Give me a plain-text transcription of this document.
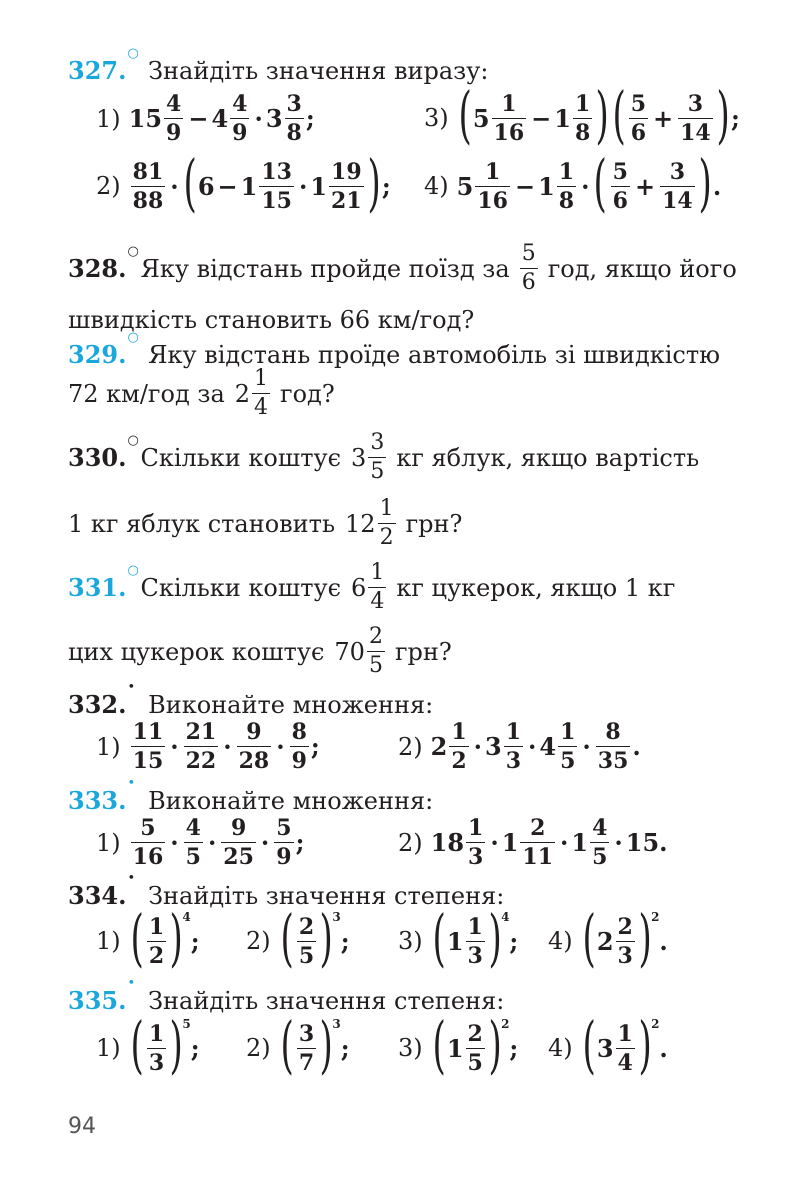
327.
○
Знайдіть значення виразу:
1) $15 \frac{4}{9} - 4 \frac{4}{9} \cdot 3 \frac{3}{8}$ ;	3) ( $5 \frac{1}{16} - 1 \frac{1}{8}$ ) ( $\frac{5}{6} + \frac{3}{14}$ ) ;
$2) \frac{81}{88}$ · ( $6 - 1 \frac{13}{15} \cdot 1 \frac{19}{21}$ ) ; 4) $5 \frac{1}{16} - 1 \frac{1}{8}$ · ( $\frac{5}{6} + \frac{3}{14}$ ) .
328.
○
Яку відстань пройде поїзд за $\frac{5}{6}$ год, якщо його
швидкість становить 66 км/год?
329.
○
Яку відстань проїде автомобіль зі швидкістю
72 км/год за $2 \frac{1}{4}$ год?
330.
○
Скільки коштує $3 \frac{3}{5}$ кг яблук, якщо вартість
1 кг яблук становить $12 \frac{1}{2}$ грн?
331.
○
Скільки коштує $6 \frac{1}{4}$ кг цукерок, якщо 1 кг
цих цукерок коштує $70 \frac{2}{5}$ грн?
332.
•
Виконайте множення:
$1) \frac{11}{15} \cdot \frac{21}{22} \cdot \frac{9}{28} \cdot \frac{8}{9}$ ;	2) $2 \frac{1}{2} \cdot 3 \frac{1}{3} \cdot 4 \frac{1}{5} \cdot \frac{8}{35}$ .
333.
•
Виконайте множення:
$1) \frac{5}{16} \cdot \frac{4}{5} \cdot \frac{9}{25} \cdot \frac{5}{9}$ ;	2) $18 \frac{1}{3} \cdot 1 \frac{2}{11} \cdot 1 \frac{4}{5} \cdot 15$.
334.
•
Знайдіть значення степеня:
1) ( $\frac{1}{2}$ ) 4
; 2) ( $\frac{2}{5}$ ) 3
; 3) ( $1 \frac{1}{3}$ ) 4
; 4) ( $2 \frac{2}{3}$ ) 2
.
335.
•
Знайдіть значення степеня:
1) ( $\frac{1}{3}$ ) 5
; 2) ( $\frac{3}{7}$ ) 3
; 3) ( $1 \frac{2}{5}$ ) 2
; 4) ( $3 \frac{1}{4}$ ) 2
.
94
